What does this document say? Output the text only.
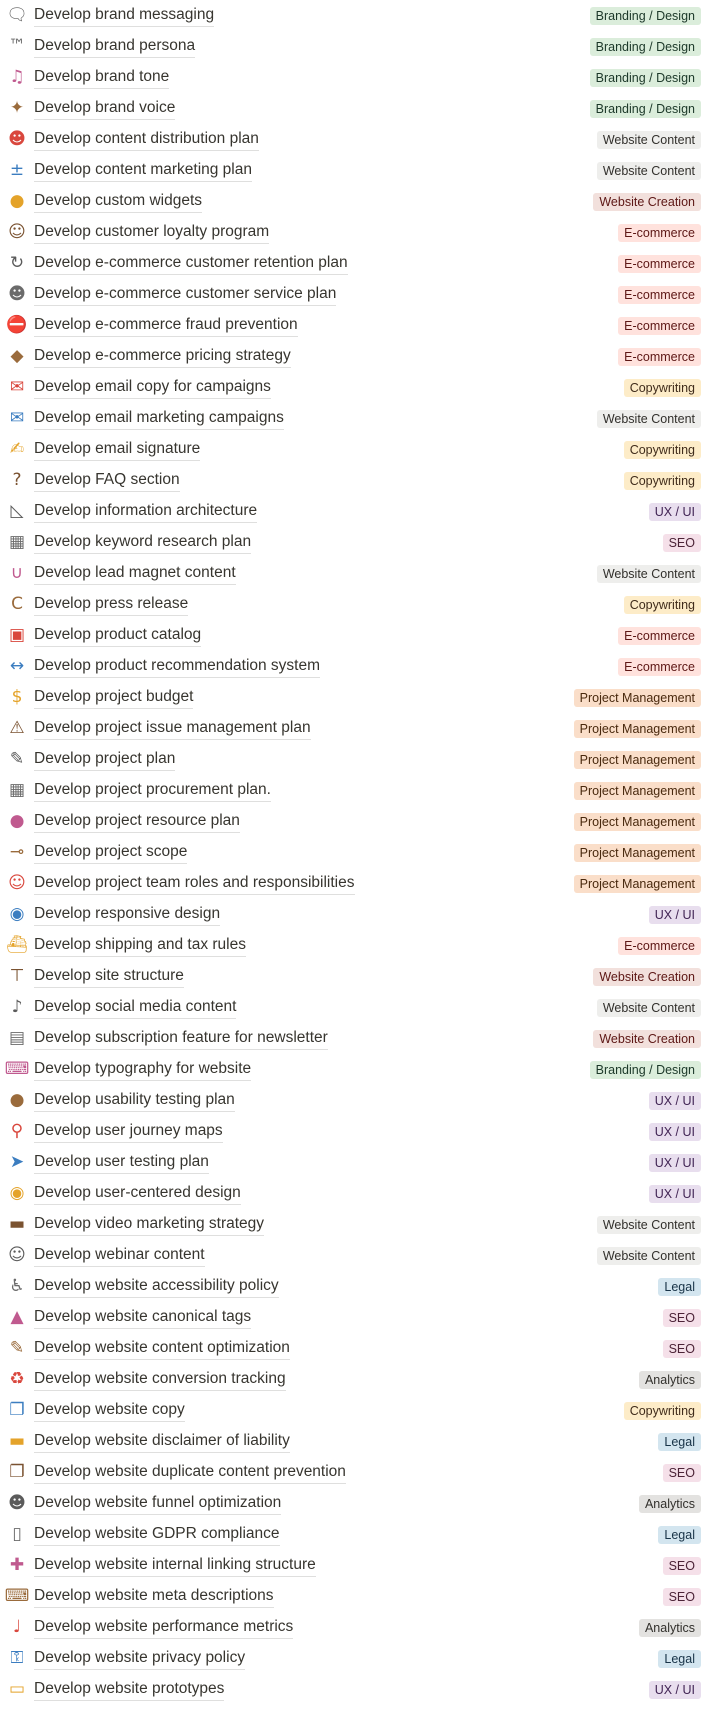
🗨 Develop brand messaging	Branding / Design
™ Develop brand persona	Branding / Design
♫ Develop brand tone	Branding / Design
✦ Develop brand voice	Branding / Design
☻ Develop content distribution plan	Website Content
± Develop content marketing plan	Website Content
● Develop custom widgets	Website Creation
☺ Develop customer loyalty program	E-commerce
↻ Develop e-commerce customer retention plan	E-commerce
☻ Develop e-commerce customer service plan	E-commerce
⛔ Develop e-commerce fraud prevention	E-commerce
◆ Develop e-commerce pricing strategy	E-commerce
✉ Develop email copy for campaigns	Copywriting
✉ Develop email marketing campaigns	Website Content
✍ Develop email signature	Copywriting
? Develop FAQ section	Copywriting
◺ Develop information architecture	UX / UI
▦ Develop keyword research plan	SEO
∪ Develop lead magnet content	Website Content
C Develop press release	Copywriting
▣ Develop product catalog	E-commerce
↔ Develop product recommendation system	E-commerce
$ Develop project budget	Project Management
⚠ Develop project issue management plan	Project Management
✎ Develop project plan	Project Management
▦ Develop project procurement plan.	Project Management
● Develop project resource plan	Project Management
⊸ Develop project scope	Project Management
☺ Develop project team roles and responsibilities	Project Management
◉ Develop responsive design	UX / UI
⛴ Develop shipping and tax rules	E-commerce
⊤ Develop site structure	Website Creation
♪ Develop social media content	Website Content
▤ Develop subscription feature for newsletter	Website Creation
⌨ Develop typography for website	Branding / Design
● Develop usability testing plan	UX / UI
⚲ Develop user journey maps	UX / UI
➤ Develop user testing plan	UX / UI
◉ Develop user-centered design	UX / UI
▬ Develop video marketing strategy	Website Content
☺ Develop webinar content	Website Content
♿ Develop website accessibility policy	Legal
▲ Develop website canonical tags	SEO
✎ Develop website content optimization	SEO
♻ Develop website conversion tracking	Analytics
❐ Develop website copy	Copywriting
▬ Develop website disclaimer of liability	Legal
❐ Develop website duplicate content prevention	SEO
☻ Develop website funnel optimization	Analytics
▯ Develop website GDPR compliance	Legal
✚ Develop website internal linking structure	SEO
⌨ Develop website meta descriptions	SEO
♩ Develop website performance metrics	Analytics
⚿ Develop website privacy policy	Legal
▭ Develop website prototypes	UX / UI
